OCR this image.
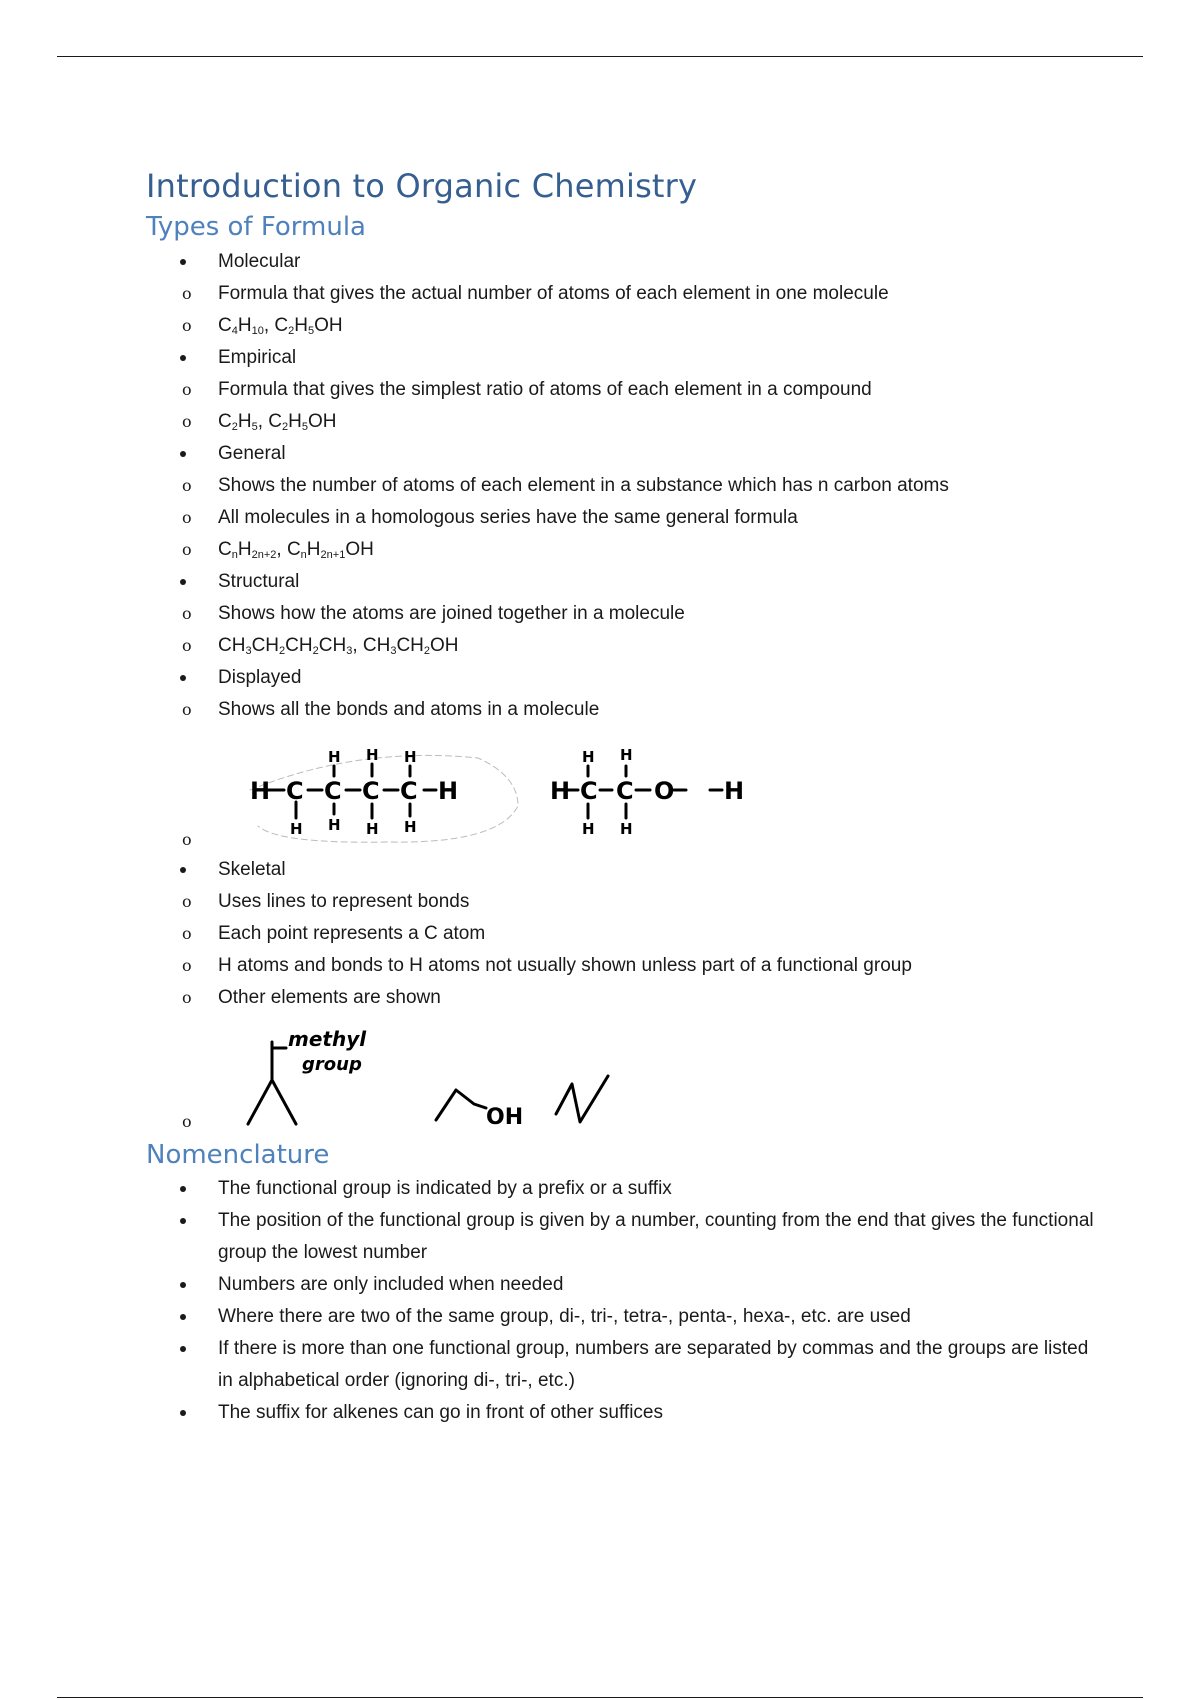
Introduction to Organic Chemistry
Types of Formula
Molecular
o Formula that gives the actual number of atoms of each element in one molecule
o $C_4H_{10}$, $C_2H_5OH$
Empirical
o Formula that gives the simplest ratio of atoms of each element in a compound
o $C_2H_5$, $C_2H_5OH$
General
o Shows the number of atoms of each element in a substance which has n carbon atoms
o All molecules in a homologous series have the same general formula
o $C_nH_{2n+2}$, $C_nH_{2n+1}OH$
Structural
o Shows how the atoms are joined together in a molecule
o $CH_3CH_2CH_2CH_3$, $CH_3CH_2OH$
Displayed
o Shows all the bonds and atoms in a molecule
o
H C C C C H	H C C O H
H H H
H H H H
H H
H H
Skeletal
o Uses lines to represent bonds
o Each point represents a C atom
o H atoms and bonds to H atoms not usually shown unless part of a functional group
o Other elements are shown
o
methyl
group
OH
Nomenclature
The functional group is indicated by a prefix or a suffix
The position of the functional group is given by a number, counting from the end that gives the functional group the lowest number
Numbers are only included when needed
Where there are two of the same group, di-, tri-, tetra-, penta-, hexa-, etc. are used
If there is more than one functional group, numbers are separated by commas and the groups are listed in alphabetical order (ignoring di-, tri-, etc.)
The suffix for alkenes can go in front of other suffices
